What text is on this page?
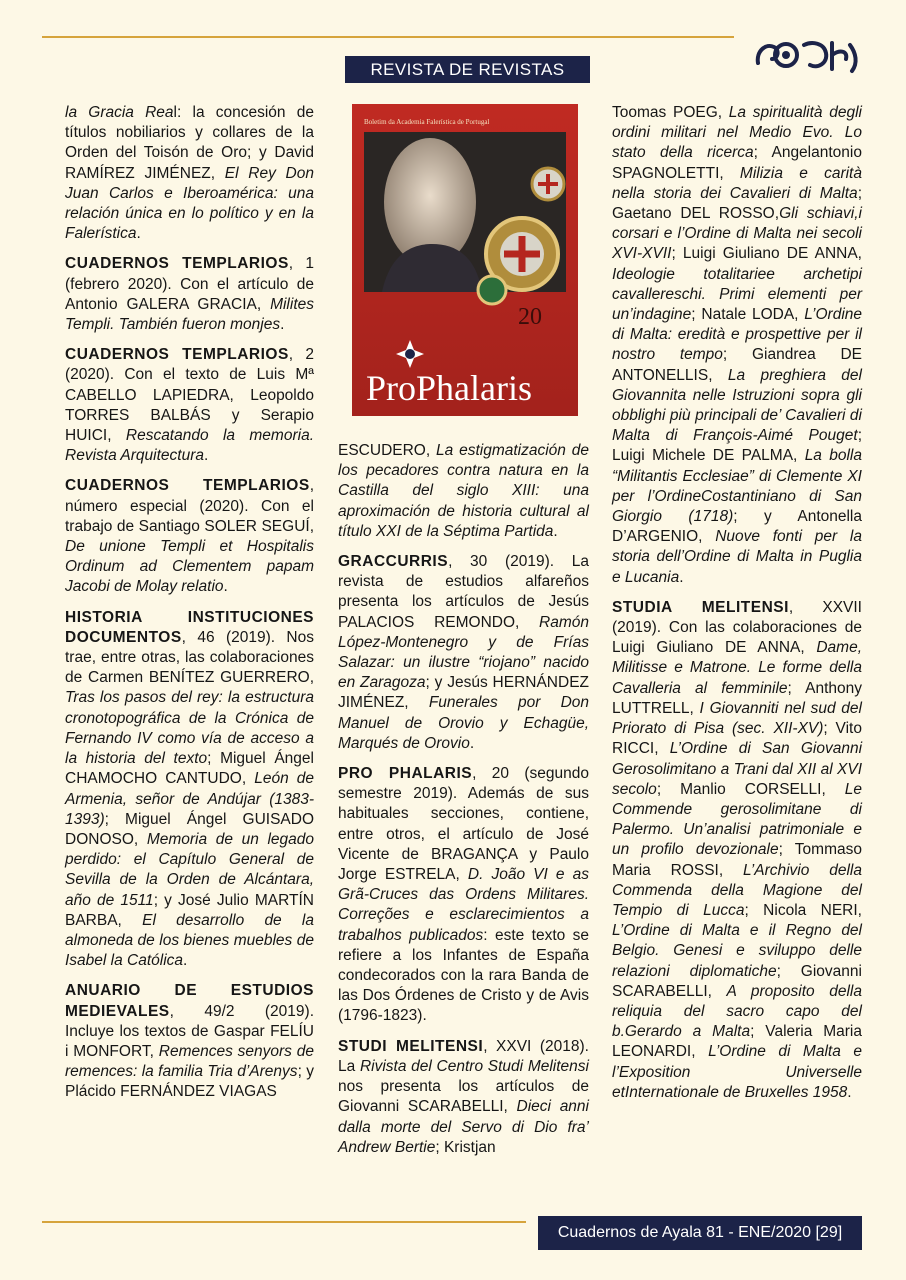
REVISTA DE REVISTAS

la Gracia Real: la concesión de títulos nobiliarios y collares de la Orden del Toisón de Oro; y David RAMÍREZ JIMÉNEZ, El Rey Don Juan Carlos e Iberoamérica: una relación única en lo político y en la Falerística.

CUADERNOS TEMPLARIOS, 1 (febrero 2020). Con el artículo de Antonio GALERA GRACIA, Milites Templi. También fueron monjes.

CUADERNOS TEMPLARIOS, 2 (2020). Con el texto de Luis Mª CABELLO LAPIEDRA, Leopoldo TORRES BALBÁS y Serapio HUICI, Rescatando la memoria. Revista Arquitectura.

CUADERNOS TEMPLARIOS, número especial (2020). Con el trabajo de Santiago SOLER SEGUÍ, De unione Templi et Hospitalis Ordinum ad Clementem papam Jacobi de Molay relatio.

HISTORIA INSTITUCIONES DOCUMENTOS, 46 (2019). Nos trae, entre otras, las colaboraciones de Carmen BENÍTEZ GUERRERO, Tras los pasos del rey: la estructura cronotopográfica de la Crónica de Fernando IV como vía de acceso a la historia del texto; Miguel Ángel CHAMOCHO CANTUDO, León de Armenia, señor de Andújar (1383-1393); Miguel Ángel GUISADO DONOSO, Memoria de un legado perdido: el Capítulo General de Sevilla de la Orden de Alcántara, año de 1511; y José Julio MARTÍN BARBA, El desarrollo de la almoneda de los bienes muebles de Isabel la Católica.

ANUARIO DE ESTUDIOS MEDIEVALES, 49/2 (2019). Incluye los textos de Gaspar FELÍU i MONFORT, Remences senyors de remences: la familia Tria d’Arenys; y Plácido FERNÁNDEZ VIAGAS

Boletim da Academia Falerística de Portugal
20
ProPhalaris

ESCUDERO, La estigmatización de los pecadores contra natura en la Castilla del siglo XIII: una aproximación de historia cultural al título XXI de la Séptima Partida.

GRACCURRIS, 30 (2019). La revista de estudios alfareños presenta los artículos de Jesús PALACIOS REMONDO, Ramón López-Montenegro y de Frías Salazar: un ilustre “riojano” nacido en Zaragoza; y Jesús HERNÁNDEZ JIMÉNEZ, Funerales por Don Manuel de Orovio y Echagüe, Marqués de Orovio.

PRO PHALARIS, 20 (segundo semestre 2019). Además de sus habituales secciones, contiene, entre otros, el artículo de José Vicente de BRAGANÇA y Paulo Jorge ESTRELA, D. João VI e as Grã-Cruces das Ordens Militares. Correções e esclarecimientos a trabalhos publicados: este texto se refiere a los Infantes de España condecorados con la rara Banda de las Dos Órdenes de Cristo y de Avis (1796-1823).

STUDI MELITENSI, XXVI (2018). La Rivista del Centro Studi Melitensi nos presenta los artículos de Giovanni SCARABELLI, Dieci anni dalla morte del Servo di Dio fra’ Andrew Bertie; Kristjan

Toomas POEG, La spiritualità degli ordini militari nel Medio Evo. Lo stato della ricerca; Angelantonio SPAGNOLETTI, Milizia e carità nella storia dei Cavalieri di Malta; Gaetano DEL ROSSO,Gli schiavi,i corsari e l’Ordine di Malta nei secoli XVI-XVII; Luigi Giuliano DE ANNA, Ideologie totalitariee archetipi cavallereschi. Primi elementi per un’indagine; Natale LODA, L’Ordine di Malta: eredità e prospettive per il nostro tempo; Giandrea DE ANTONELLIS, La preghiera del Giovannita nelle Istruzioni sopra gli obblighi più principali de’ Cavalieri di Malta di François-Aimé Pouget; Luigi Michele DE PALMA, La bolla “Militantis Ecclesiae” di Clemente XI per l’OrdineCostantiniano di San Giorgio (1718); y Antonella D’ARGENIO, Nuove fonti per la storia dell’Ordine di Malta in Puglia e Lucania.

STUDIA MELITENSI, XXVII (2019). Con las colaboraciones de Luigi Giuliano DE ANNA, Dame, Militisse e Matrone. Le forme della Cavalleria al femminile; Anthony LUTTRELL, I Giovanniti nel sud del Priorato di Pisa (sec. XII-XV); Vito RICCI, L’Ordine di San Giovanni Gerosolimitano a Trani dal XII al XVI secolo; Manlio CORSELLI, Le Commende gerosolimitane di Palermo. Un’analisi patrimoniale e un profilo devozionale; Tommaso Maria ROSSI, L’Archivio della Commenda della Magione del Tempio di Lucca; Nicola NERI, L’Ordine di Malta e il Regno del Belgio. Genesi e sviluppo delle relazioni diplomatiche; Giovanni SCARABELLI, A proposito della reliquia del sacro capo del b.Gerardo a Malta; Valeria Maria LEONARDI, L’Ordine di Malta e l’Exposition Universelle etInternationale de Bruxelles 1958.

Cuadernos de Ayala 81 - ENE/2020 [29]
